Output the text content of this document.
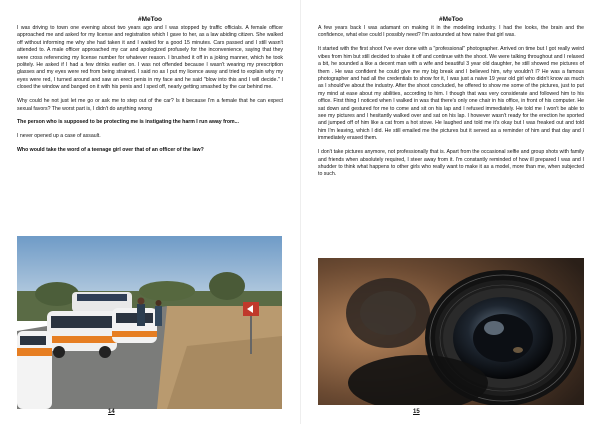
#MeToo

I was driving to town one evening about two years ago and I was stopped by traffic officials. A female officer approached me and asked for my license and registration which I gave to her, as a law abiding citizen. She walked off without informing me why she had taken it and I waited for a good 15 minutes. Cars passed and I still wasn't attended to. A male officer approached my car and apologized profusely for the inconvenience, saying that they were cross referencing my license number for whatever reason. I brushed it off in a joking manner, which he took politely. He asked if I had a few drinks earlier on. I was not offended because I wasn't wearing my prescription glasses and my eyes were red from being strained. I said no as I put my licence away and tried to explain why my eyes were red, I turned around and saw an erect penis in my face and he said "blow into this and I will decide." I closed the window and banged on it with his penis and I sped off, nearly getting smashed by the car behind me.

Why could he not just let me go or ask me to step out of the car? Is it because I'm a female that he can expect sexual favors? The worst part is, I didn't do anything wrong

The person who is supposed to be protecting me is instigating the harm I run away from...

I never opened up a case of assault.

Who would take the word of a teenage girl over that of an officer of the law?

14
#MeToo

A few years back I was adamant on making it in the modeling industry. I had the looks, the brain and the confidence, what else could I possibly need? I'm astounded at how naive that girl was.

It started with the first shoot I've ever done with a "professional" photographer. Arrived on time but I got really weird vibes from him but still decided to shake it off and continue with the shoot. We were talking throughout and I relaxed a bit, he sounded a like a decent man with a wife and beautiful 3 year old daughter, he still showed me pictures of them . He was confident he could give me my big break and I believed him, why wouldn't I? He was a famous photographer and had all the credentials to show for it, I was just a naive 19 year old girl who didn't know as much as I should've about the industry. After the shoot concluded, he offered to show me some of the pictures, just to put my mind at ease about my abilities, according to him. I though that was very considerate and followed him to his office. First thing I noticed when I walked in was that there's only one chair in his office, in front of his computer. He sat down and gestured for me to come and sit on his lap and I refused immediately. He told me I won't be able to see my pictures and I hesitantly walked over and sat on his lap. I however wasn't ready for the erection he sported and jumped off of him like a cat from a hot stove. He laughed and told me it's okay but I was freaked out and told him I'm leaving, which I did. He still emailed me the pictures but it served as a reminder of him and that day and I immediately erased them.

I don't take pictures anymore, not professionally that is. Apart from the occasional selfie and group shots with family and friends when absolutely required, I steer away from it. I'm constantly reminded of how ill prepared I was and I shudder to think what happens to other girls who really want to make it as a model, more than me, when subjected to such.

15
